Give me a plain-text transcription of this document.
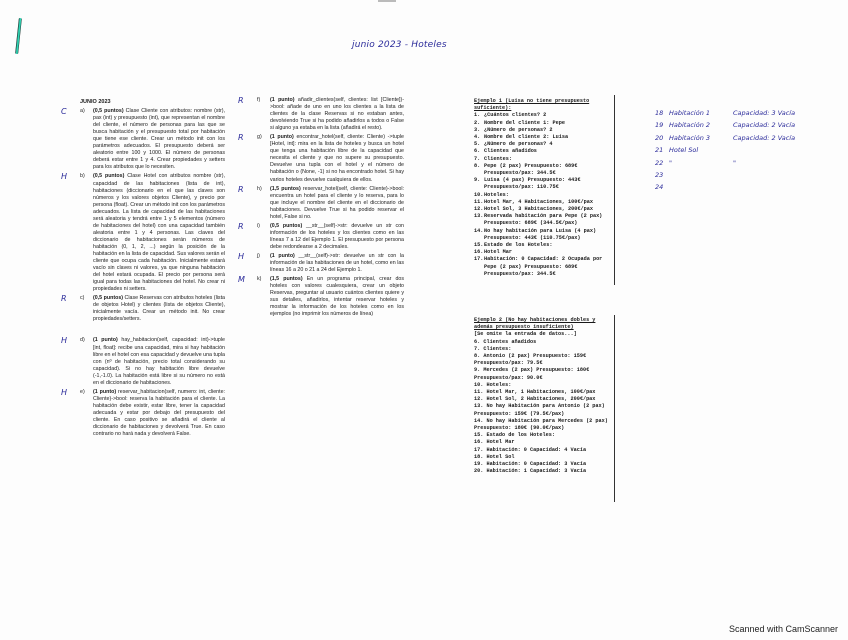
junio 2023 - Hoteles
JUNIO 2023
C	a) (0,5 puntos) Clase Cliente con atributos: nombre (str), pax (int) y presupuesto (int), que representan el nombre del cliente, el número de personas para las que se busca habitación y el presupuesto total por habitación que tiene ese cliente. Crear un método init con los parámetros adecuados. El presupuesto deberá ser aleatorio entre 100 y 1000. El número de personas deberá estar entre 1 y 4. Crear propiedades y setters para los atributos que lo necesiten.
H b) (0,5 puntos) Clase Hotel con atributos nombre (str), capacidad de las habitaciones (lista de int), habitaciones (diccionario en el que las claves son números y los valores objetos Cliente), y precio por persona (float). Crear un método init con los parámetros adecuados. La lista de capacidad de las habitaciones será aleatoria y tendrá entre 1 y 5 elementos (número de habitaciones del hotel) con una capacidad también aleatoria entre 1 y 4 personas. Las claves del diccionario de habitaciones serán números de habitación (0, 1, 2, ...) según la posición de la habitación en la lista de capacidad. Sus valores serán el cliente que ocupa cada habitación. Inicialmente estará vacío sin claves ni valores, ya que ninguna habitación del hotel estará ocupada. El precio por persona será igual para todas las habitaciones del hotel. No crear ni propiedades ni setters.
R	c) (0,5 puntos) Clase Reservas con atributos hoteles (lista de objetos Hotel) y clientes (lista de objetos Cliente), inicialmente vacía. Crear un método init. No crear propiedades/setters.
H d) (1 punto) hay_habitacion(self, capacidad: int)->tuple [int, float]: recibe una capacidad, mira si hay habitación libre en el hotel con esa capacidad y devuelve una tupla con (nº de habitación, precio total considerando su capacidad). Si no hay habitación libre devuelve (-1,-1.0). La habitación está libre si su número no está en el diccionario de habitaciones.
H e) (1 punto) reservar_habitacion(self, numero: int, cliente: Cliente)->bool: reserva la habitación para el cliente. La habitación debe existir, estar libre, tener la capacidad adecuada y estar por debajo del presupuesto del cliente. En caso positivo se añadirá el cliente al diccionario de habitaciones y devolverá True. En caso contrario no hará nada y devolverá False.
R	f) (1 punto) añadir_clientes(self, clientes: list [Cliente])->bool: añade de uno en uno los clientes a la lista de clientes de la clase Reservas si no estaban antes, devolviendo True si ha podido añadirlos a todos o False si alguno ya estaba en la lista (añadirá el resto).
R	g) (1 punto) encontrar_hotel(self, cliente: Cliente) ->tuple [Hotel, int]: mira en la lista de hoteles y busca un hotel que tenga una habitación libre de la capacidad que necesita el cliente y que no supere su presupuesto. Devuelve una tupla con el hotel y el número de habitación o (None, -1) si no ha encontrado hotel. Si hay varios hoteles devuelve cualquiera de ellos.
R	h) (1,5 puntos) reservar_hotel(self, cliente: Cliente)->bool: encuentra un hotel para el cliente y lo reserva, para lo que incluye el nombre del cliente en el diccionario de habitaciones. Devuelve True si ha podido reservar el hotel, False si no.
R	i) (0,5 puntos) __str__(self)->str: devuelve un str con información de los hoteles y los clientes como en las líneas 7 a 12 del Ejemplo 1. El presupuesto por persona debe redondearse a 2 decimales.
H j) (1 punto) __str__(self)->str: devuelve un str con la información de las habitaciones de un hotel, como en las líneas 16 a 20 o 21 a 24 del Ejemplo 1.
M k) (1,5 puntos) En un programa principal, crear dos hoteles con valores cualesquiera, crear un objeto Reservas, preguntar al usuario cuántos clientes quiere y sus detalles, añadirlos, intentar reservar hoteles y mostrar la información de los hoteles como en los ejemplos (no imprimir los números de línea)
Ejemplo 1 (Luisa no tiene presupuesto suficiente):
1. ¿Cuántos clientes? 2
2. Nombre del cliente 1: Pepe
3. ¿Número de personas? 2
4. Nombre del cliente 2: Luisa
5. ¿Número de personas? 4
6. Clientes añadidos
7. Clientes:
8. Pepe (2 pax) Presupuesto: 689€ Presupuesto/pax: 344.5€
9. Luisa (4 pax) Presupuesto: 443€ Presupuesto/pax: 110.75€
10. Hoteles:
11. Hotel Mar, 4 Habitaciones, 100€/pax
12. Hotel Sol, 3 Habitaciones, 200€/pax
13. Reservada habitación para Pepe (2 pax) Presupuesto: 689€ (344.5€/pax)
14. No hay habitación para Luisa (4 pax) Presupuesto: 443€ (110.75€/pax)
15. Estado de los Hoteles:
16. Hotel Mar
17. Habitación: 0 Capacidad: 2 Ocupada por Pepe (2 pax) Presupuesto: 689€ Presupuesto/pax: 344.5€
Ejemplo 2 (No hay habitaciones dobles y además presupuesto insuficiente)
[Se omite la entrada de datos...]
6. Clientes añadidos
7. Clientes:
8. Antonio (2 pax) Presupuesto: 159€
Presupuesto/pax: 79.5€
9. Mercedes (2 pax) Presupuesto: 180€
Presupuesto/pax: 90.0€
10. Hoteles:
11. Hotel Mar, 1 Habitaciones, 100€/pax
12. Hotel Sol, 2 Habitaciones, 200€/pax
13. No hay Habitación para Antonio (2 pax) Presupuesto: 159€ (79.5€/pax)
14. No hay Habitación para Mercedes (2 pax) Presupuesto: 180€ (90.0€/pax)
15. Estado de los Hoteles:
16. Hotel Mar
17. Habitación: 0 Capacidad: 4 Vacía
18. Hotel Sol
19. Habitación: 0 Capacidad: 3 Vacía
20. Habitación: 1 Capacidad: 3 Vacía
18 Habitación 1	Capacidad: 3 Vacía
19 Habitación 2	Capacidad: 2 Vacía
20 Habitación 3	Capacidad: 2 Vacía
21 Hotel Sol
22 "	"
23
24
Scanned with CamScanner
